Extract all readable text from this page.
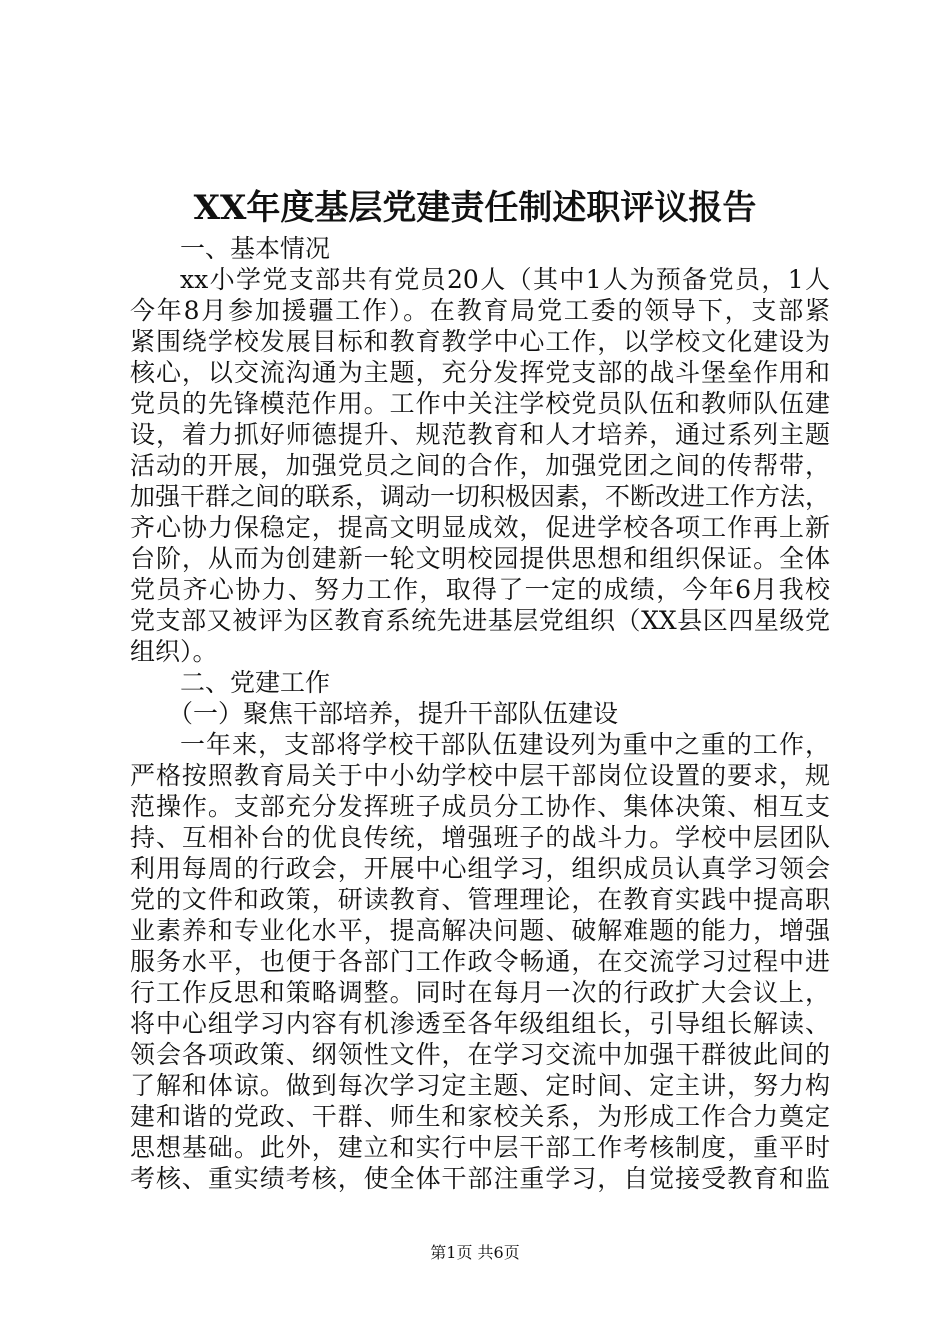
XX年度基层党建责任制述职评议报告
一、基本情况
xx小学党支部共有党员20人（其中1人为预备党员，1人
今年8月参加援疆工作）。在教育局党工委的领导下，支部紧
紧围绕学校发展目标和教育教学中心工作，以学校文化建设为
核心，以交流沟通为主题，充分发挥党支部的战斗堡垒作用和
党员的先锋模范作用。工作中关注学校党员队伍和教师队伍建
设，着力抓好师德提升、规范教育和人才培养，通过系列主题
活动的开展，加强党员之间的合作，加强党团之间的传帮带，
加强干群之间的联系，调动一切积极因素，不断改进工作方法，
齐心协力保稳定，提高文明显成效，促进学校各项工作再上新
台阶，从而为创建新一轮文明校园提供思想和组织保证。全体
党员齐心协力、努力工作，取得了一定的成绩，今年6月我校
党支部又被评为区教育系统先进基层党组织（XX县区四星级党
组织）。
二、党建工作
（一）聚焦干部培养，提升干部队伍建设
一年来，支部将学校干部队伍建设列为重中之重的工作，
严格按照教育局关于中小幼学校中层干部岗位设置的要求，规
范操作。支部充分发挥班子成员分工协作、集体决策、相互支
持、互相补台的优良传统，增强班子的战斗力。学校中层团队
利用每周的行政会，开展中心组学习，组织成员认真学习领会
党的文件和政策，研读教育、管理理论，在教育实践中提高职
业素养和专业化水平，提高解决问题、破解难题的能力，增强
服务水平，也便于各部门工作政令畅通，在交流学习过程中进
行工作反思和策略调整。同时在每月一次的行政扩大会议上，
将中心组学习内容有机渗透至各年级组组长，引导组长解读、
领会各项政策、纲领性文件，在学习交流中加强干群彼此间的
了解和体谅。做到每次学习定主题、定时间、定主讲，努力构
建和谐的党政、干群、师生和家校关系，为形成工作合力奠定
思想基础。此外，建立和实行中层干部工作考核制度，重平时
考核、重实绩考核，使全体干部注重学习，自觉接受教育和监
第1页 共6页
